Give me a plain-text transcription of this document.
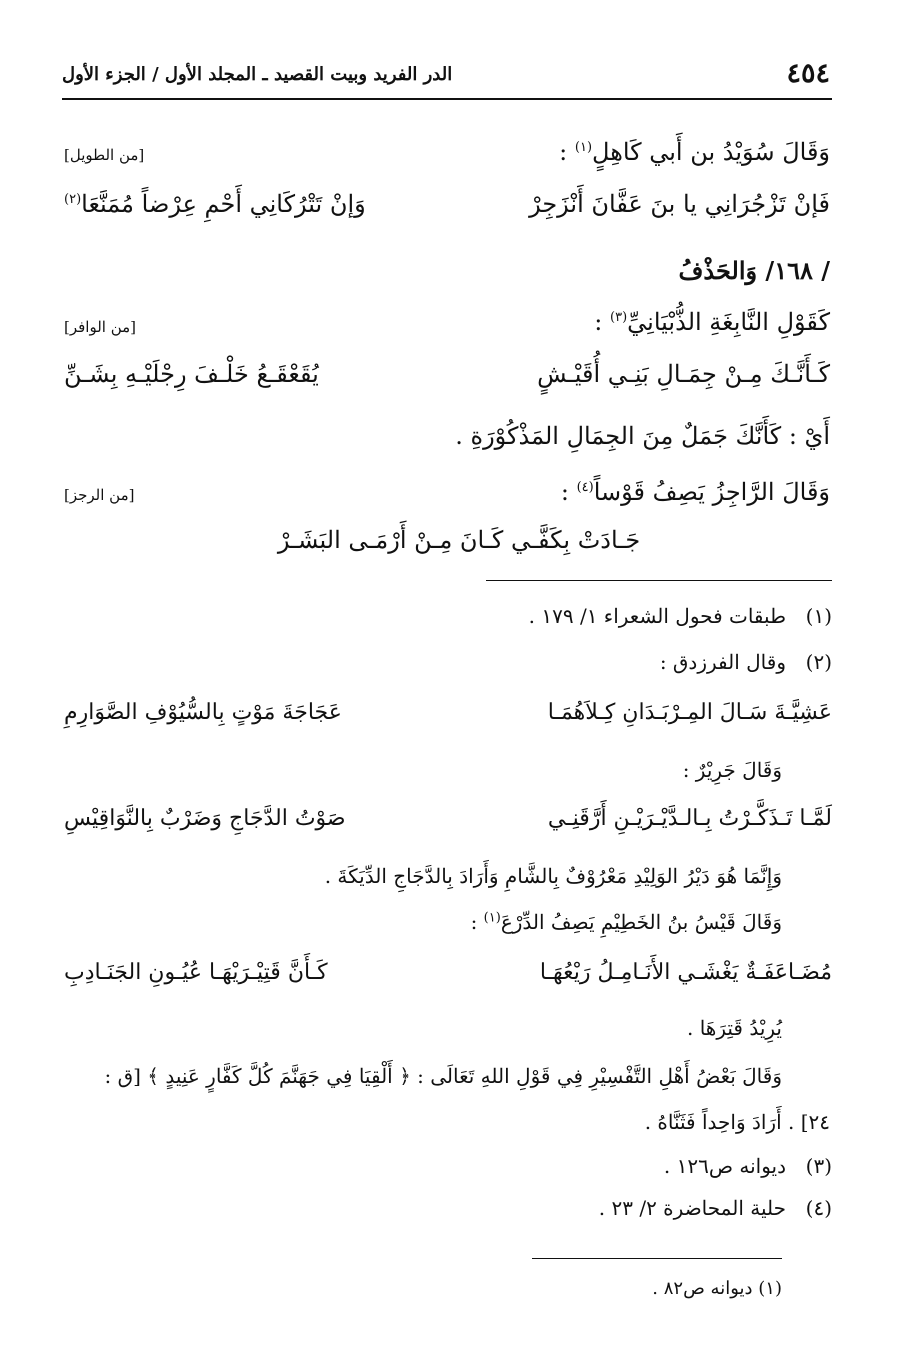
٤٥٤
الدر الفريد وبيت القصيد ـ المجلد الأول / الجزء الأول
وَقَالَ سُوَيْدُ بن أَبي كَاهِلٍ$^{(١)}$ :
[من الطويل]
فَإنْ تَزْجُرَانِي يا بنَ عَفَّانَ أَنْزَجِرْ
وَإنْ تَتْرُكَانِي أَحْمِ عِرْضاً مُمَنَّعَا$^{(٢)}$
/ ١٦٨/ وَالحَذْفُ
كَقَوْلِ النَّابِغَةِ الذُّبْيَانِيِّ$^{(٣)}$ :
[من الوافر]
كَـأَنَّـكَ مِـنْ جِمَـالِ بَنِـي أُقَيْـشٍ
يُقَعْقَـعُ خَلْـفَ رِجْلَيْـهِ بِشَـنِّ
أَيْ : كَأَنَّكَ جَمَلٌ مِنَ الجِمَالِ المَذْكُوْرَةِ .
وَقَالَ الرَّاجِزُ يَصِفُ قَوْساً$^{(٤)}$ :
[من الرجز]
جَـادَتْ بِكَفَّـي كَـانَ مِـنْ أَرْمَـى البَشَـرْ
(١)
طبقات فحول الشعراء ١/ ١٧٩ .
(٢)
وقال الفرزدق :
عَشِيَّـةَ سَـالَ المِـرْبَـدَانِ كِـلاَهُمَـا
عَجَاجَةَ مَوْتٍ بِالسُّيُوْفِ الصَّوَارِمِ
وَقَالَ جَرِيْرٌ :
لَمَّـا تَـذَكَّـرْتُ بِـالـدَّيْـرَيْـنِ أَرَّقَنِـي
صَوْتُ الدَّجَاجِ وَضَرْبٌ بِالنَّوَاقِيْسِ
وَإِنَّمَا هُوَ دَيْرُ الوَلِيْدِ مَعْرُوْفٌ بِالشَّامِ وَأَرَادَ بِالدَّجَاجِ الدِّيَكَةَ .
وَقَالَ قَيْسُ بنُ الخَطِيْمِ يَصِفُ الدِّرْعَ$^{(١)}$ :
مُضَـاعَفَـةٌ يَغْشَـي الأَنَـامِـلُ رَيْعُهَـا
كَـأَنَّ قَتِيْـرَيْهَـا عُيُـونِ الجَنَـادِبِ
يُرِيْدُ قَتِرَهَا .
وَقَالَ بَعْضُ أَهْلِ التَّفْسِيْرِ فِي قَوْلِ اللهِ تَعَالَى : ﴿ أَلْقِيَا فِي جَهَنَّمَ كُلَّ كَفَّارٍ عَنِيدٍ ﴾ [ق :
٢٤] . أَرَادَ وَاحِداً فَثَنَّاهُ .
(٣)
ديوانه ص١٢٦ .
(٤)
حلية المحاضرة ٢/ ٢٣ .
(١) ديوانه ص٨٢ .
